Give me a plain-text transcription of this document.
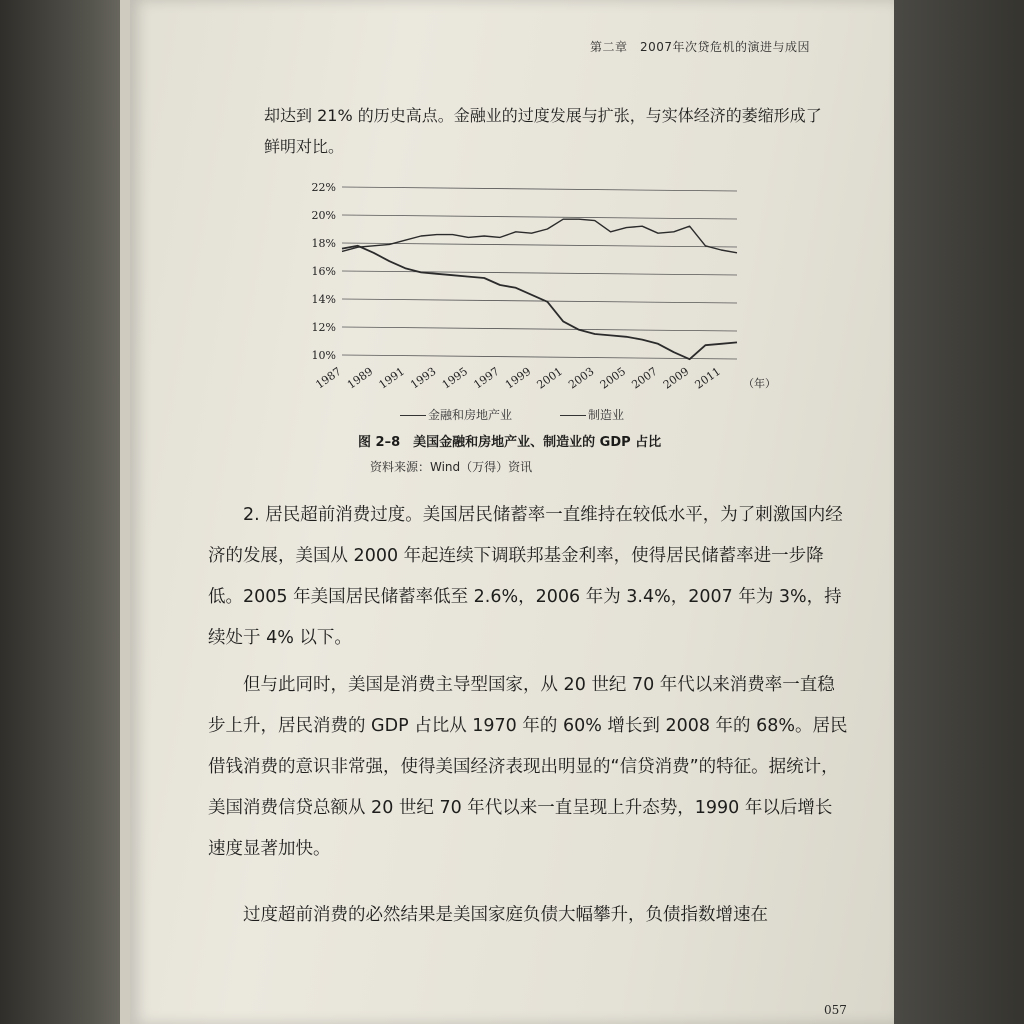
第二章　2007年次贷危机的演进与成因
却达到 21% 的历史高点。金融业的过度发展与扩张，与实体经济的萎缩形成了鲜明对比。
10%
12%
14%
16%
18%
20%
22%
1987 1989 1991 1993 1995 1997 1999 2001 2003 2005 2007 2009 2011 （年）
金融和房地产业	制造业
图 2–8　美国金融和房地产业、制造业的 GDP 占比
资料来源：Wind（万得）资讯
2. 居民超前消费过度。美国居民储蓄率一直维持在较低水平，为了刺激国内经济的发展，美国从 2000 年起连续下调联邦基金利率，使得居民储蓄率进一步降低。2005 年美国居民储蓄率低至 2.6%，2006 年为 3.4%，2007 年为 3%，持续处于 4% 以下。
但与此同时，美国是消费主导型国家，从 20 世纪 70 年代以来消费率一直稳步上升，居民消费的 GDP 占比从 1970 年的 60% 增长到 2008 年的 68%。居民借钱消费的意识非常强，使得美国经济表现出明显的“信贷消费”的特征。据统计，美国消费信贷总额从 20 世纪 70 年代以来一直呈现上升态势，1990 年以后增长速度显著加快。
过度超前消费的必然结果是美国家庭负债大幅攀升，负债指数增速在
057
